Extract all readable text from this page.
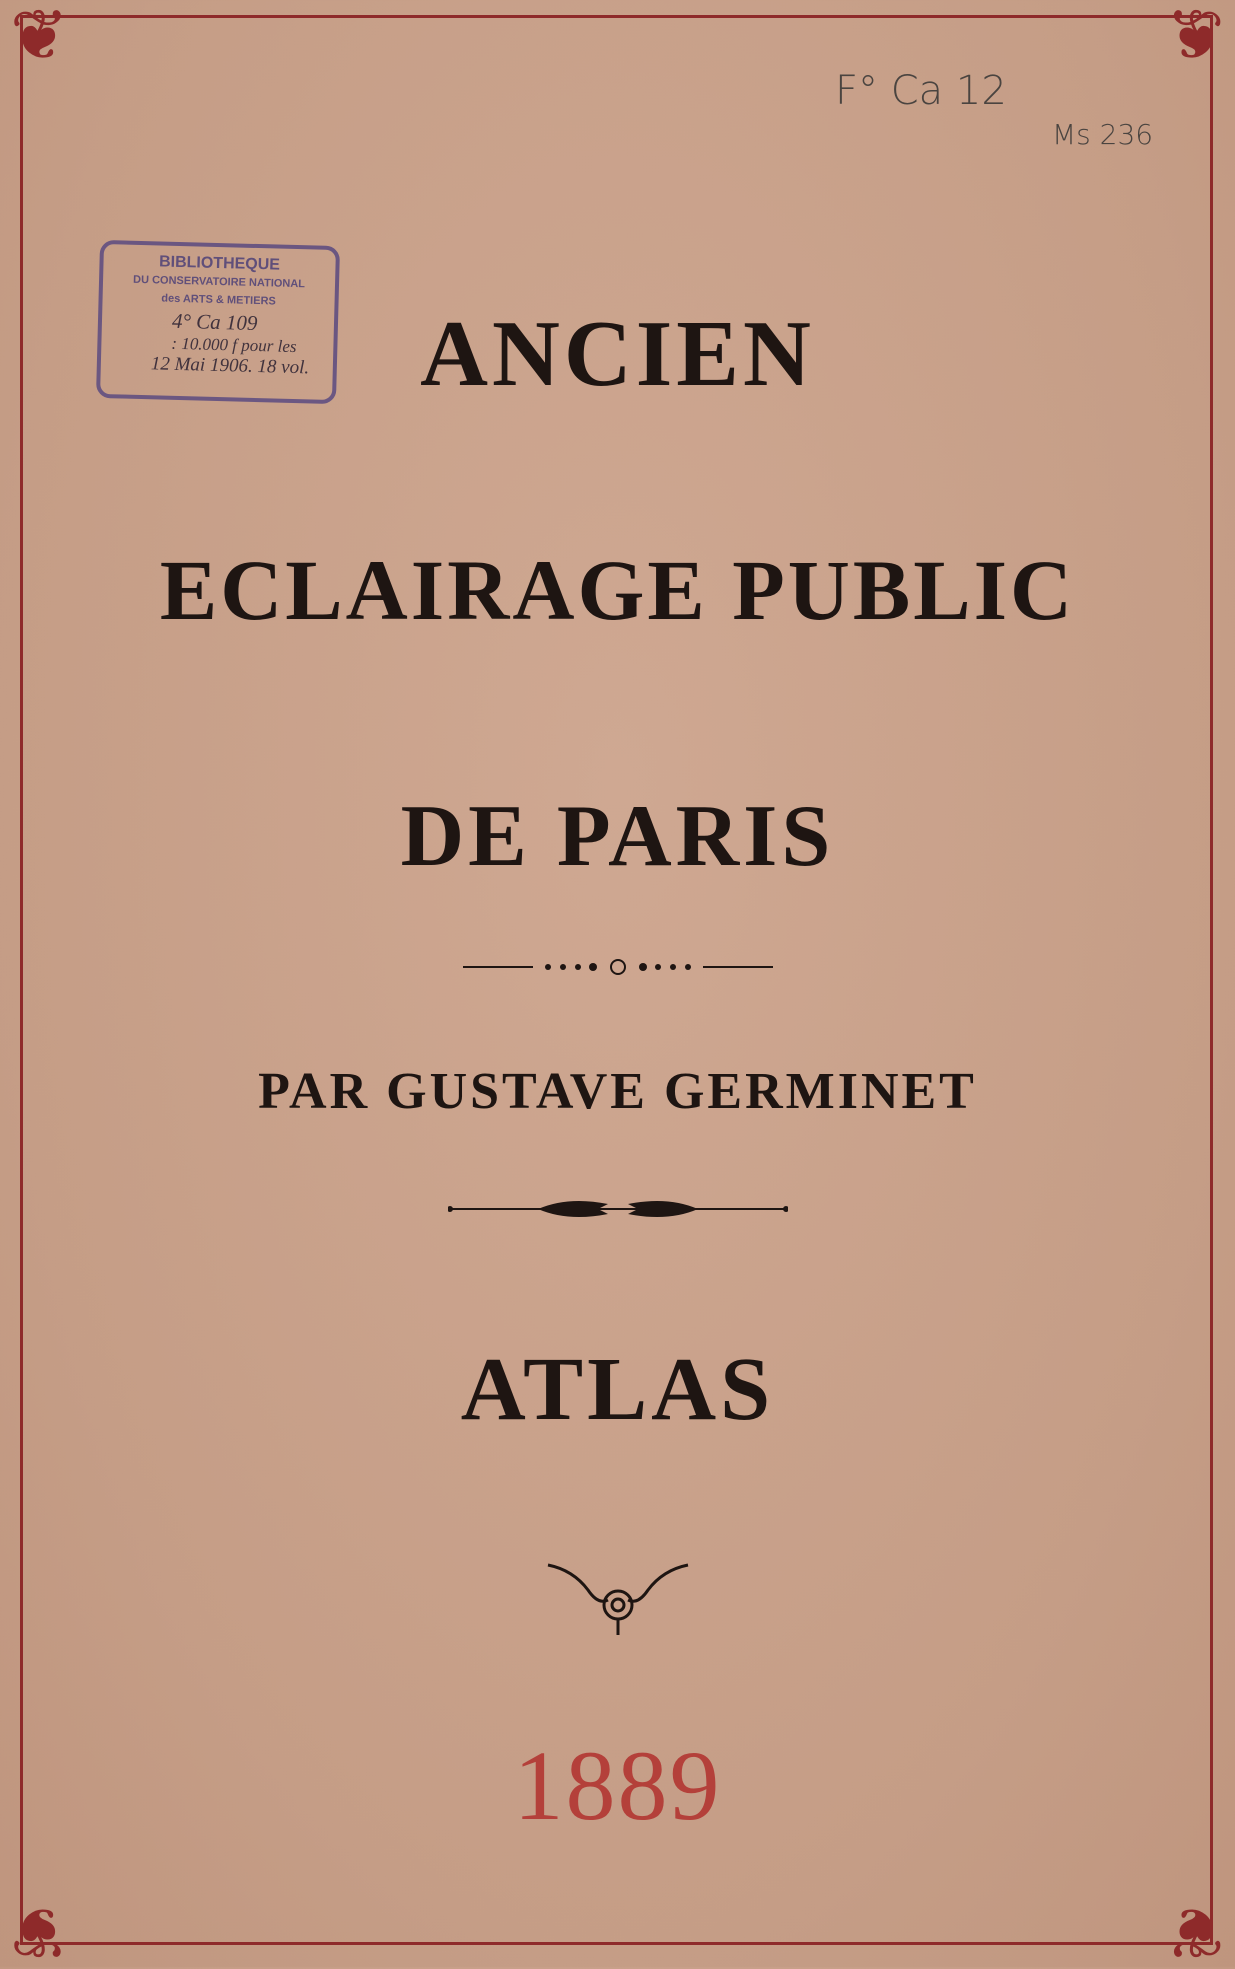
❦	❦
❦	❦
F° Ca 12
Ms 236
BIBLIOTHEQUE
DU CONSERVATOIRE NATIONAL
des ARTS & METIERS
4° Ca 109
: 10.000 f pour les
12 Mai 1906. 18 vol.	ANCIEN
ECLAIRAGE PUBLIC
DE PARIS
PAR GUSTAVE GERMINET
ATLAS
1889
